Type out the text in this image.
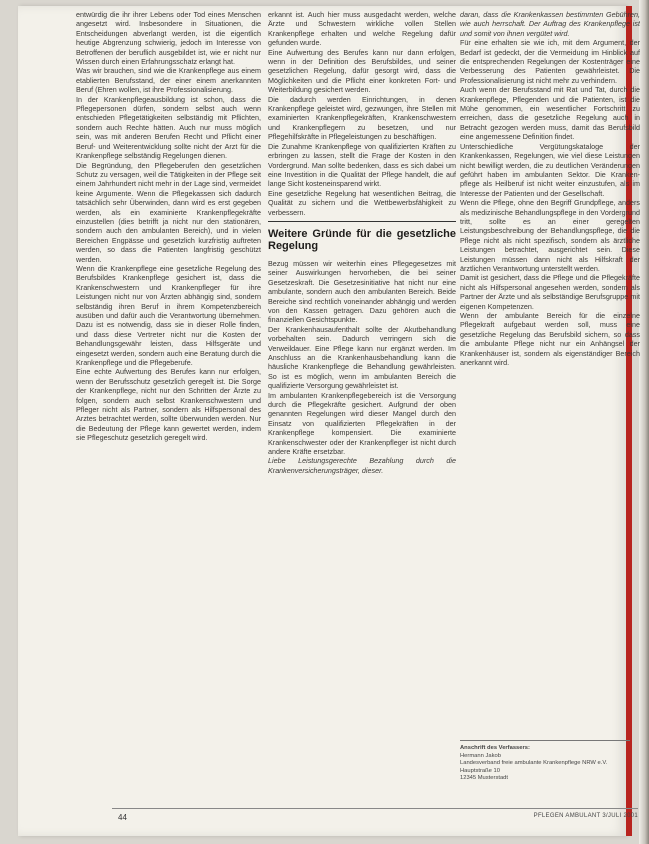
entwürdig die ihr ihrer Lebens oder Tod eines Menschen angesetzt wird. Insbesondere in Situationen, die Entscheidungen abverlangt werden, ist die eigentlich heutige Abgrenzung schwierig, jedoch im Interesse von Betroffenen der beruflich ausgebildet ist, wie er nicht nur Wissen durch einen Erfahrungsschatz erlangt hat.

Was wir brauchen, sind wie die Krankenpflege aus einem etablierten Berufsstand, der einer einem anerkannten Beruf (Ehren wollen, ist ihre Professionalisierung.

In der Krankenpflegeausbildung ist schon, dass die Pflegepersonen dürfen, sondern selbst auch wenn entschieden Pflegetätigkeiten selbständig mit Pflichten, sondern auch Rechte hätten. Auch nur muss möglich sein, was mit anderen Berufen Recht und Pflicht einer Beruf- und Weiterentwicklung sollte nicht der Arzt für die Krankenpflege selbständig Regelungen dienen.

Die Begründung, den Pflegeberufen den gesetzlichen Schutz zu versagen, weil die Tätigkeiten in der Pflege seit einem Jahrhundert nicht mehr in der Lage sind, vermeidet keine Argumente. Wenn die Pflegekassen sich dadurch tatsächlich sehr Überwinden, dann wird es erst gegeben werden, als ein examinierte Krankenpflegekräfte einzustellen (dies betrifft ja nicht nur den stationären, sondern auch den ambulanten Bereich), und in vielen Bereichen Engpässe und gesetzlich kurzfristig auftreten werden, so dass die Patienten langfristig geschützt werden.

Wenn die Krankenpflege eine gesetzliche Regelung des Berufsbildes Krankenpflege gesichert ist, dass die Krankenschwestern und Krankenpfleger für ihre Leistungen nicht nur von Ärzten abhängig sind, sondern selbständig ihren Beruf in ihrem Kompetenzbereich ausüben und dafür auch die Verantwortung übernehmen. Dazu ist es notwendig, dass sie in dieser Rolle finden, und dass diese Vertreter nicht nur die Kosten der Behandlungsgewähr leisten, dass Hilfsgeräte und eingesetzt werden, sondern auch eine Beratung durch die Krankenpflege und die Pflegeberufe.

Eine echte Aufwertung des Berufes kann nur erfolgen, wenn der Berufsschutz gesetzlich geregelt ist. Die Sorge der Krankenpflege, nicht nur den Schritten der Ärzte zu folgen, sondern auch selbst Krankenschwestern und Pfleger nicht als Partner, sondern als Hilfspersonal des Arztes betrachtet werden, sollte überwunden werden. Nur die Bedeutung der Pflege kann gewertet werden, indem sie Pflegeschutz gesetzlich geregelt wird.

erkannt ist. Auch hier muss ausgedacht werden, welche Ärzte und Schwestern wirkliche vollen Stellen Krankenpflege erhalten und welche Regelung dafür gefunden wurde.

Eine Aufwertung des Berufes kann nur dann erfolgen, wenn in der Definition des Berufsbildes, und seiner gesetzlichen Regelung, dafür gesorgt wird, dass die Möglichkeiten und die Pflicht einer konkreten Fort- und Weiterbildung gesichert werden.

Die dadurch werden Einrichtungen, in denen Krankenpflege geleistet wird, gezwungen, ihre Stellen mit examinierten Krankenpflegekräften, Krankenschwestern und Krankenpflegern zu besetzen, und nur Pflegehilfskräfte in Pflegeleistungen zu beschäftigen.

Die Zunahme Krankenpflege von qualifizierten Kräften zu erbringen zu lassen, stellt die Frage der Kosten in den Vordergrund. Man sollte bedenken, dass es sich dabei um eine Investition in die Qualität der Pflege handelt, die auf lange Sicht kosteneinsparend wirkt.

Eine gesetzliche Regelung hat wesentlichen Beitrag, die Qualität zu sichern und die Wettbewerbsfähigkeit zu verbessern.

Weitere Gründe für die gesetzliche Regelung

Bezug müssen wir weiterhin eines Pflegegesetzes mit seiner Auswirkungen hervorheben, die bei seiner Gesetzeskraft. Die Gesetzesinitiative hat nicht nur eine ambulante, sondern auch den ambulanten Bereich. Beide Bereiche sind rechtlich voneinander abhängig und werden von den Kassen getragen. Dazu gehören auch die finanziellen Gesichtspunkte.

Der Krankenhausaufenthalt sollte der Akutbehandlung vorbehalten sein. Dadurch verringern sich die Verweildauer. Eine Pflege kann nur ergänzt werden. Im Anschluss an die Krankenhausbehandlung kann die häusliche Krankenpflege die Behandlung gewährleisten. So ist es möglich, wenn im ambulanten Bereich die qualifizierte Versorgung gewährleistet ist.

Im ambulanten Krankenpflegebereich ist die Versorgung durch die Pflegekräfte gesichert. Aufgrund der oben genannten Regelungen wird dieser Mangel durch den Einsatz von qualifizierten Pflegekräften in der Krankenpflege kompensiert. Die examinierte Krankenschwester oder der Krankenpfleger ist nicht durch andere Kräfte ersetzbar.

Liebe Leistungsgerechte Bezahlung durch die Krankenversicherungsträger, dieser.

daran, dass die Krankenkassen bestimmten Gebühren, wie auch herrschaft. Der Auftrag des Krankenpflege ist und somit von ihnen vergütet wird.

Für eine erhalten sie wie ich, mit dem Argument, der Bedarf ist gedeckt, der die Vermeidung im Hinblick auf die entsprechenden Regelungen der Kostenträger eine Verbesserung des Patienten gewährleistet. Die Professionalisierung ist nicht mehr zu verhindern.

Auch wenn der Berufsstand mit Rat und Tat, durch die Krankenpflege, Pflegenden und die Patienten, ist die Mühe genommen, ein wesentlicher Fortschritt zu erreichen, dass die gesetzliche Regelung auch in Betracht gezogen werden muss, damit das Berufsbild eine angemessene Definition findet.

Unterschiedliche Vergütungskataloge der Krankenkassen, Regelungen, wie viel diese Leistungen nicht bewilligt werden, die zu deutlichen Veränderungen geführt haben im ambulanten Sektor. Die Kranken- pflege als Heilberuf ist nicht weiter einzustufen, als im Interesse der Patienten und der Gesellschaft.

Wenn die Pflege, ohne den Begriff Grundpflege, anders als medizinische Behandlungspflege in den Vordergrund tritt, sollte es an einer geregelten Leistungsbeschreibung der Behandlungspflege, die die Pflege nicht als nicht spezifisch, sondern als ärztliche Leistungen betrachtet, ausgerichtet sein. Diese Leistungen müssen dann nicht als Hilfskraft der ärztlichen Verantwortung unterstellt werden.

Damit ist gesichert, dass die Pflege und die Pflegekräfte nicht als Hilfspersonal angesehen werden, sondern als Partner der Ärzte und als selbständige Berufsgruppe mit eigenen Kompetenzen.

Wenn der ambulante Bereich für die einzelne Pflegekraft aufgebaut werden soll, muss eine gesetzliche Regelung das Berufsbild sichern, so dass die ambulante Pflege nicht nur ein Anhängsel der Krankenhäuser ist, sondern als eigenständiger Bereich anerkannt wird.

Anschrift des Verfassers:
Hermann Jakob
Landesverband freie ambulante Krankenpflege NRW e.V.
Hauptstraße 10
12345 Musterstadt
44	PFLEGEN AMBULANT 3/JULI 2001
